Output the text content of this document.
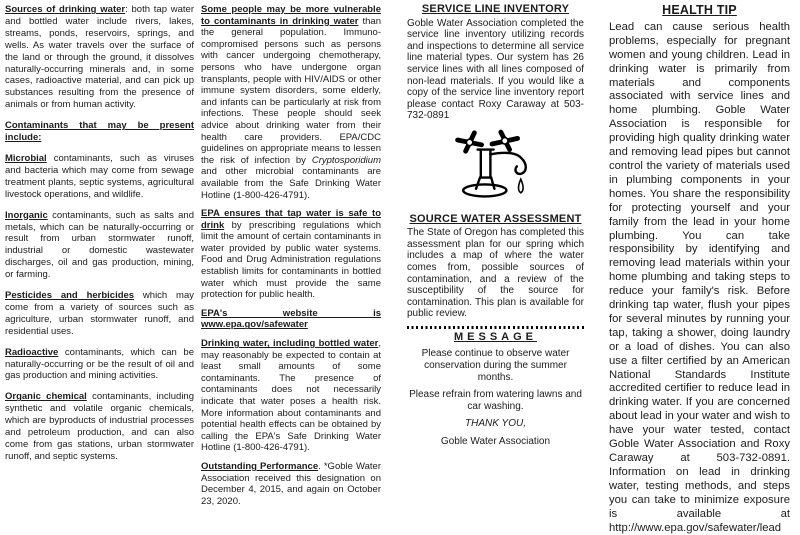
Sources of drinking water: both tap water and bottled water include rivers, lakes, streams, ponds, reservoirs, springs, and wells. As water travels over the surface of the land or through the ground, it dissolves naturally-occurring minerals and, in some cases, radioactive material, and can pick up substances resulting from the presence of animals or from human activity.

Contaminants that may be present include:

Microbial contaminants, such as viruses and bacteria which may come from sewage treatment plants, septic systems, agricultural livestock operations, and wildlife.

Inorganic contaminants, such as salts and metals, which can be naturally-occurring or result from urban stormwater runoff, industrial or domestic wastewater discharges, oil and gas production, mining, or farming.

Pesticides and herbicides which may come from a variety of sources such as agriculture, urban stormwater runoff, and residential uses.

Radioactive contaminants, which can be naturally-occurring or be the result of oil and gas production and mining activities.

Organic chemical contaminants, including synthetic and volatile organic chemicals, which are byproducts of industrial processes and petroleum production, and can also come from gas stations, urban stormwater runoff, and septic systems.

Some people may be more vulnerable to contaminants in drinking water than the general population. Immuno-compromised persons such as persons with cancer undergoing chemotherapy, persons who have undergone organ transplants, people with HIV/AIDS or other immune system disorders, some elderly, and infants can be particularly at risk from infections. These people should seek advice about drinking water from their health care providers. EPA/CDC guidelines on appropriate means to lessen the risk of infection by Cryptosporidium and other microbial contaminants are available from the Safe Drinking Water Hotline (1-800-426-4791).

EPA ensures that tap water is safe to drink by prescribing regulations which limit the amount of certain contaminants in water provided by public water systems. Food and Drug Administration regulations establish limits for contaminants in bottled water which must provide the same protection for public health.

EPA's website is www.epa.gov/safewater

Drinking water, including bottled water, may reasonably be expected to contain at least small amounts of some contaminants. The presence of contaminants does not necessarily indicate that water poses a health risk. More information about contaminants and potential health effects can be obtained by calling the EPA's Safe Drinking Water Hotline (1-800-426-4791).

Outstanding Performance. *Goble Water Association received this designation on December 4, 2015, and again on October 23, 2020.

SERVICE LINE INVENTORY

Goble Water Association completed the service line inventory utilizing records and inspections to determine all service line material types. Our system has 26 service lines with all lines composed of non-lead materials. If you would like a copy of the service line inventory report please contact Roxy Caraway at 503-732-0891

SOURCE WATER ASSESSMENT

The State of Oregon has completed this assessment plan for our spring which includes a map of where the water comes from, possible sources of contamination, and a review of the susceptibility of the source for contamination. This plan is available for public review.

MESSAGE

Please continue to observe water conservation during the summer months.

Please refrain from watering lawns and car washing.

THANK YOU,

Goble Water Association

HEALTH TIP

Lead can cause serious health problems, especially for pregnant women and young children. Lead in drinking water is primarily from materials and components associated with service lines and home plumbing. Goble Water Association is responsible for providing high quality drinking water and removing lead pipes but cannot control the variety of materials used in plumbing components in your homes. You share the responsibility for protecting yourself and your family from the lead in your home plumbing. You can take responsibility by identifying and removing lead materials within your home plumbing and taking steps to reduce your family's risk. Before drinking tap water, flush your pipes for several minutes by running your tap, taking a shower, doing laundry or a load of dishes. You can also use a filter certified by an American National Standards Institute accredited certifier to reduce lead in drinking water. If you are concerned about lead in your water and wish to have your water tested, contact Goble Water Association and Roxy Caraway at 503-732-0891. Information on lead in drinking water, testing methods, and steps you can take to minimize exposure is available at http://www.epa.gov/safewater/lead
